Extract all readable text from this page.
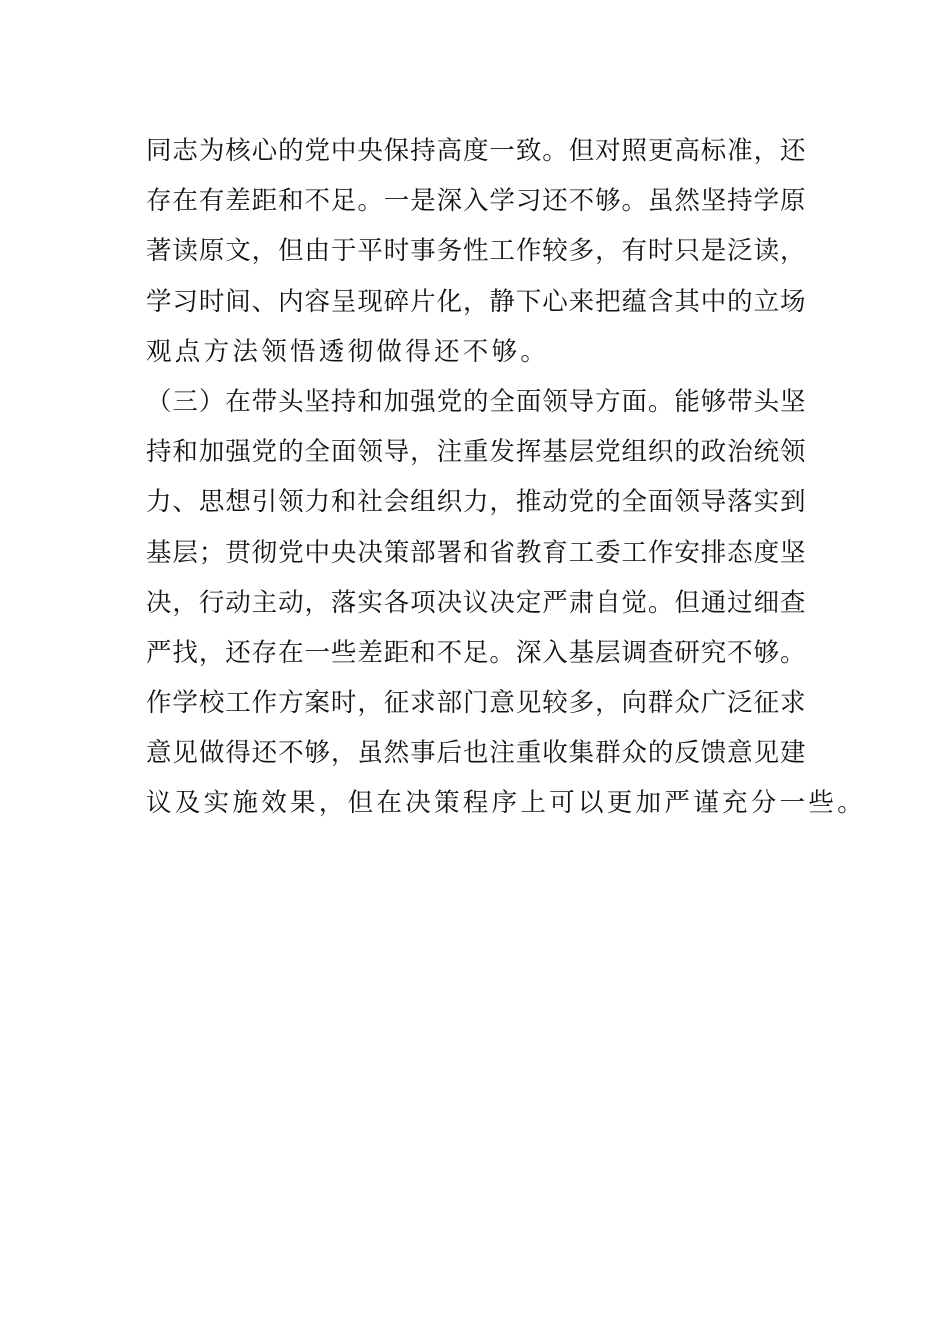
同志为核心的党中央保持高度一致。但对照更高标准，还
存在有差距和不足。一是深入学习还不够。虽然坚持学原
著读原文，但由于平时事务性工作较多，有时只是泛读，
学习时间、内容呈现碎片化，静下心来把蕴含其中的立场
观点方法领悟透彻做得还不够。
（三）在带头坚持和加强党的全面领导方面。能够带头坚
持和加强党的全面领导，注重发挥基层党组织的政治统领
力、思想引领力和社会组织力，推动党的全面领导落实到
基层；贯彻党中央决策部署和省教育工委工作安排态度坚
决，行动主动，落实各项决议决定严肃自觉。但通过细查
严找，还存在一些差距和不足。深入基层调查研究不够。
作学校工作方案时，征求部门意见较多，向群众广泛征求
意见做得还不够，虽然事后也注重收集群众的反馈意见建
议及实施效果，但在决策程序上可以更加严谨充分一些。
